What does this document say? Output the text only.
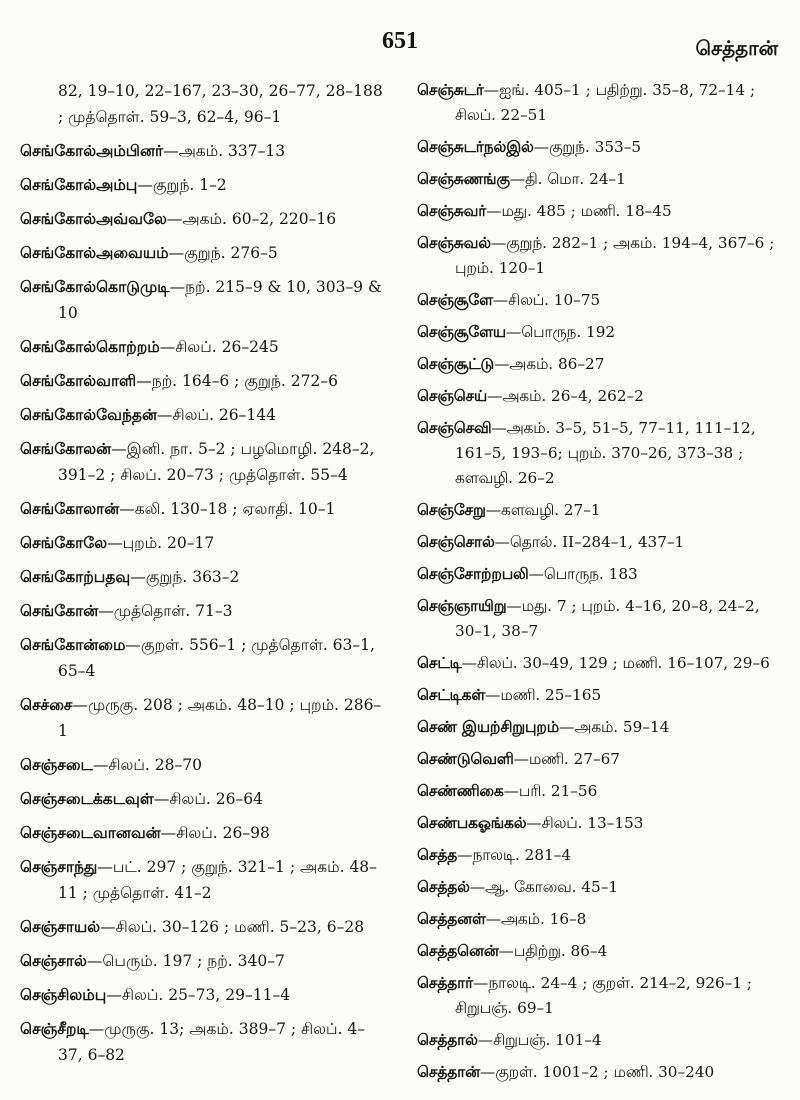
651	செத்தான்
82, 19–10, 22–167, 23–30, 26–77, 28–188 ; முத்தொள். 59–3, 62–4, 96–1
செங்கோல்அம்பினர்—அகம். 337–13
செங்கோல்அம்பு—குறுந். 1–2
செங்கோல்அவ்வலே—அகம். 60–2, 220–16
செங்கோல்அவையம்—குறுந். 276–5
செங்கோல்கொடுமுடி—நற். 215–9 & 10, 303–9 & 10
செங்கோல்கொற்றம்—சிலப். 26–245
செங்கோல்வாளி—நற். 164–6 ; குறுந். 272–6
செங்கோல்வேந்தன்—சிலப். 26–144
செங்கோலன்—இனி. நா. 5–2 ; பழமொழி. 248–2, 391–2 ; சிலப். 20–73 ; முத்தொள். 55–4
செங்கோலான்—கலி. 130–18 ; ஏலாதி. 10–1
செங்கோலே—புறம். 20–17
செங்கோற்பதவு—குறுந். 363–2
செங்கோன்—முத்தொள். 71–3
செங்கோன்மை—குறள். 556–1 ; முத்தொள். 63–1, 65–4
செச்சை—முருகு. 208 ; அகம். 48–10 ; புறம். 286–1
செஞ்சடை—சிலப். 28–70
செஞ்சடைக்கடவுள்—சிலப். 26–64
செஞ்சடைவானவன்—சிலப். 26–98
செஞ்சாந்து—பட். 297 ; குறுந். 321–1 ; அகம். 48–11 ; முத்தொள். 41–2
செஞ்சாயல்—சிலப். 30–126 ; மணி. 5–23, 6–28
செஞ்சால்—பெரும். 197 ; நற். 340–7
செஞ்சிலம்பு—சிலப். 25–73, 29–11–4
செஞ்சீறடி—முருகு. 13; அகம். 389–7 ; சிலப். 4–37, 6–82
செஞ்சுடர்—ஐங். 405–1 ; பதிற்று. 35–8, 72–14 ; சிலப். 22–51
செஞ்சுடர்நல்இல்—குறுந். 353–5
செஞ்சுணங்கு—தி. மொ. 24–1
செஞ்சுவர்—மது. 485 ; மணி. 18–45
செஞ்சுவல்—குறுந். 282–1 ; அகம். 194–4, 367–6 ; புறம். 120–1
செஞ்சூளே—சிலப். 10–75
செஞ்சூளேய—பொருந. 192
செஞ்சூட்டு—அகம். 86–27
செஞ்செய்—அகம். 26–4, 262–2
செஞ்செவி—அகம். 3–5, 51–5, 77–11, 111–12, 161–5, 193–6; புறம். 370–26, 373–38 ; களவழி. 26–2
செஞ்சேறு—களவழி. 27–1
செஞ்சொல்—தொல். II–284–1, 437–1
செஞ்சோற்றபலி—பொருந. 183
செஞ்ஞாயிறு—மது. 7 ; புறம். 4–16, 20–8, 24–2, 30–1, 38–7
செட்டி—சிலப். 30–49, 129 ; மணி. 16–107, 29–6
செட்டிகள்—மணி. 25–165
செண் இயற்சிறுபுறம்—அகம். 59–14
செண்டுவெளி—மணி. 27–67
செண்ணிகை—பரி. 21–56
செண்பகஓங்கல்—சிலப். 13–153
செத்த—நாலடி. 281–4
செத்தல்—ஆ. கோவை. 45–1
செத்தனள்—அகம். 16–8
செத்தனென்—பதிற்று. 86–4
செத்தார்—நாலடி. 24–4 ; குறள். 214–2, 926–1 ; சிறுபஞ். 69–1
செத்தால்—சிறுபஞ். 101–4
செத்தான்—குறள். 1001–2 ; மணி. 30–240
